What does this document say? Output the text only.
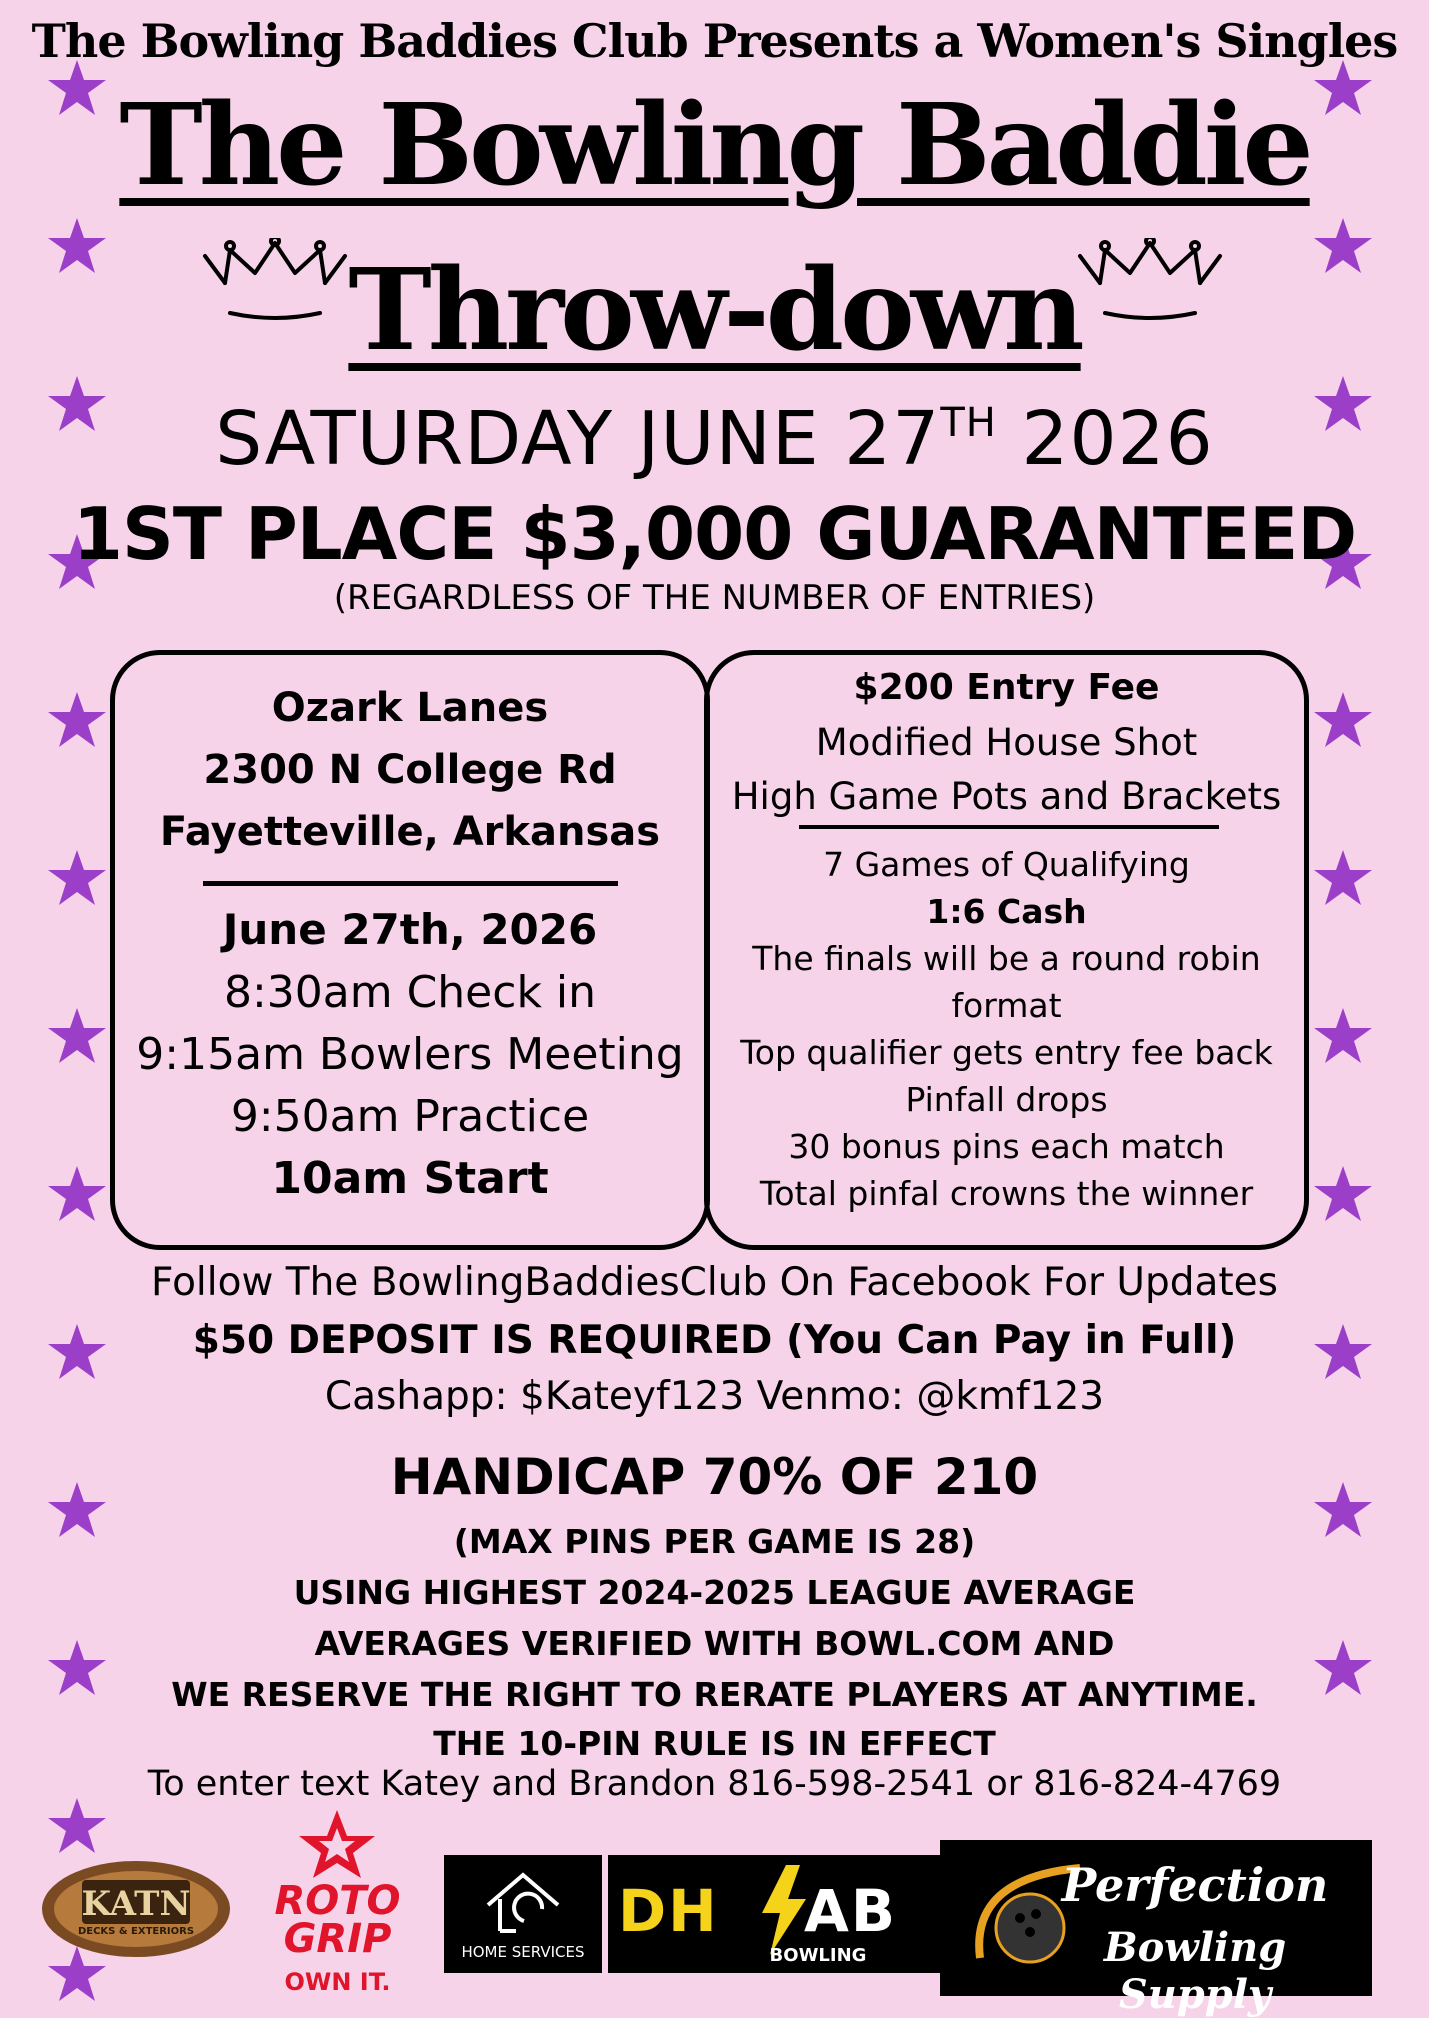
The Bowling Baddies Club Presents a Women's Singles
The Bowling Baddie
Throw-down
SATURDAY JUNE 27TH 2026
1ST PLACE $3,000 GUARANTEED
(REGARDLESS OF THE NUMBER OF ENTRIES)
Ozark Lanes
2300 N College Rd
Fayetteville, Arkansas
June 27th, 2026
8:30am Check in
9:15am Bowlers Meeting
9:50am Practice
10am Start
$200 Entry Fee
Modified House Shot
High Game Pots and Brackets
7 Games of Qualifying
1:6 Cash
The finals will be a round robin
format
Top qualifier gets entry fee back
Pinfall drops
30 bonus pins each match
Total pinfal crowns the winner
Follow The BowlingBaddiesClub On Facebook For Updates
$50 DEPOSIT IS REQUIRED (You Can Pay in Full)
Cashapp: $Kateyf123 Venmo: @kmf123
HANDICAP 70% OF 210
(MAX PINS PER GAME IS 28)
USING HIGHEST 2024-2025 LEAGUE AVERAGE
AVERAGES VERIFIED WITH BOWL.COM AND
WE RESERVE THE RIGHT TO RERATE PLAYERS AT ANYTIME.
THE 10-PIN RULE IS IN EFFECT
To enter text Katey and Brandon 816-598-2541 or 816-824-4769
KATN
DECKS & EXTERIORS
ROTO
GRIP
OWN IT.
HOME SERVICES
DH AB
BOWLING
Perfection
Bowling Supply
